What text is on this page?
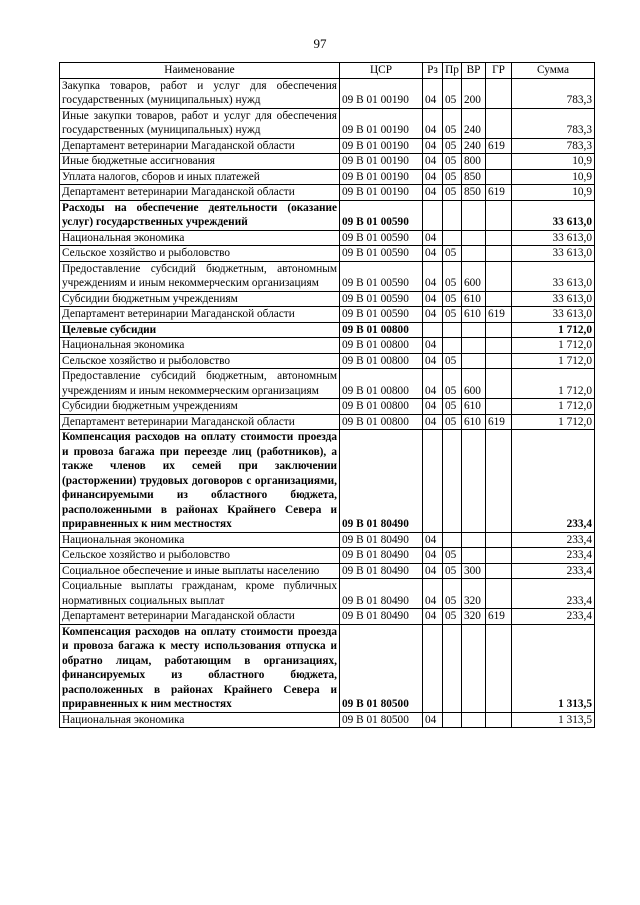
97
Наименование	ЦСР	Рз	Пр	ВР	ГР	Сумма
Закупка товаров, работ и услуг для обеспечения государственных (муниципальных) нужд	09 В 01 00190	04	05	200		783,3
Иные закупки товаров, работ и услуг для обеспечения государственных (муниципальных) нужд	09 В 01 00190	04	05	240		783,3
Департамент ветеринарии Магаданской области	09 В 01 00190	04	05	240	619	783,3
Иные бюджетные ассигнования	09 В 01 00190	04	05	800		10,9
Уплата налогов, сборов и иных платежей	09 В 01 00190	04	05	850		10,9
Департамент ветеринарии Магаданской области	09 В 01 00190	04	05	850	619	10,9
Расходы на обеспечение деятельности (оказание услуг) государственных учреждений	09 В 01 00590					33 613,0
Национальная экономика	09 В 01 00590	04				33 613,0
Сельское хозяйство и рыболовство	09 В 01 00590	04	05			33 613,0
Предоставление субсидий бюджетным, автономным учреждениям и иным некоммерческим организациям	09 В 01 00590	04	05	600		33 613,0
Субсидии бюджетным учреждениям	09 В 01 00590	04	05	610		33 613,0
Департамент ветеринарии Магаданской области	09 В 01 00590	04	05	610	619	33 613,0
Целевые субсидии	09 В 01 00800					1 712,0
Национальная экономика	09 В 01 00800	04				1 712,0
Сельское хозяйство и рыболовство	09 В 01 00800	04	05			1 712,0
Предоставление субсидий бюджетным, автономным учреждениям и иным некоммерческим организациям	09 В 01 00800	04	05	600		1 712,0
Субсидии бюджетным учреждениям	09 В 01 00800	04	05	610		1 712,0
Департамент ветеринарии Магаданской области	09 В 01 00800	04	05	610	619	1 712,0
Компенсация расходов на оплату стоимости проезда и провоза багажа при переезде лиц (работников), а также членов их семей при заключении (расторжении) трудовых договоров с организациями, финансируемыми из областного бюджета, расположенными в районах Крайнего Севера и приравненных к ним местностях	09 В 01 80490					233,4
Национальная экономика	09 В 01 80490	04				233,4
Сельское хозяйство и рыболовство	09 В 01 80490	04	05			233,4
Социальное обеспечение и иные выплаты населению	09 В 01 80490	04	05	300		233,4
Социальные выплаты гражданам, кроме публичных нормативных социальных выплат	09 В 01 80490	04	05	320		233,4
Департамент ветеринарии Магаданской области	09 В 01 80490	04	05	320	619	233,4
Компенсация расходов на оплату стоимости проезда и провоза багажа к месту использования отпуска и обратно лицам, работающим в организациях, финансируемых из областного бюджета, расположенных в районах Крайнего Севера и приравненных к ним местностях	09 В 01 80500					1 313,5
Национальная экономика	09 В 01 80500	04				1 313,5
